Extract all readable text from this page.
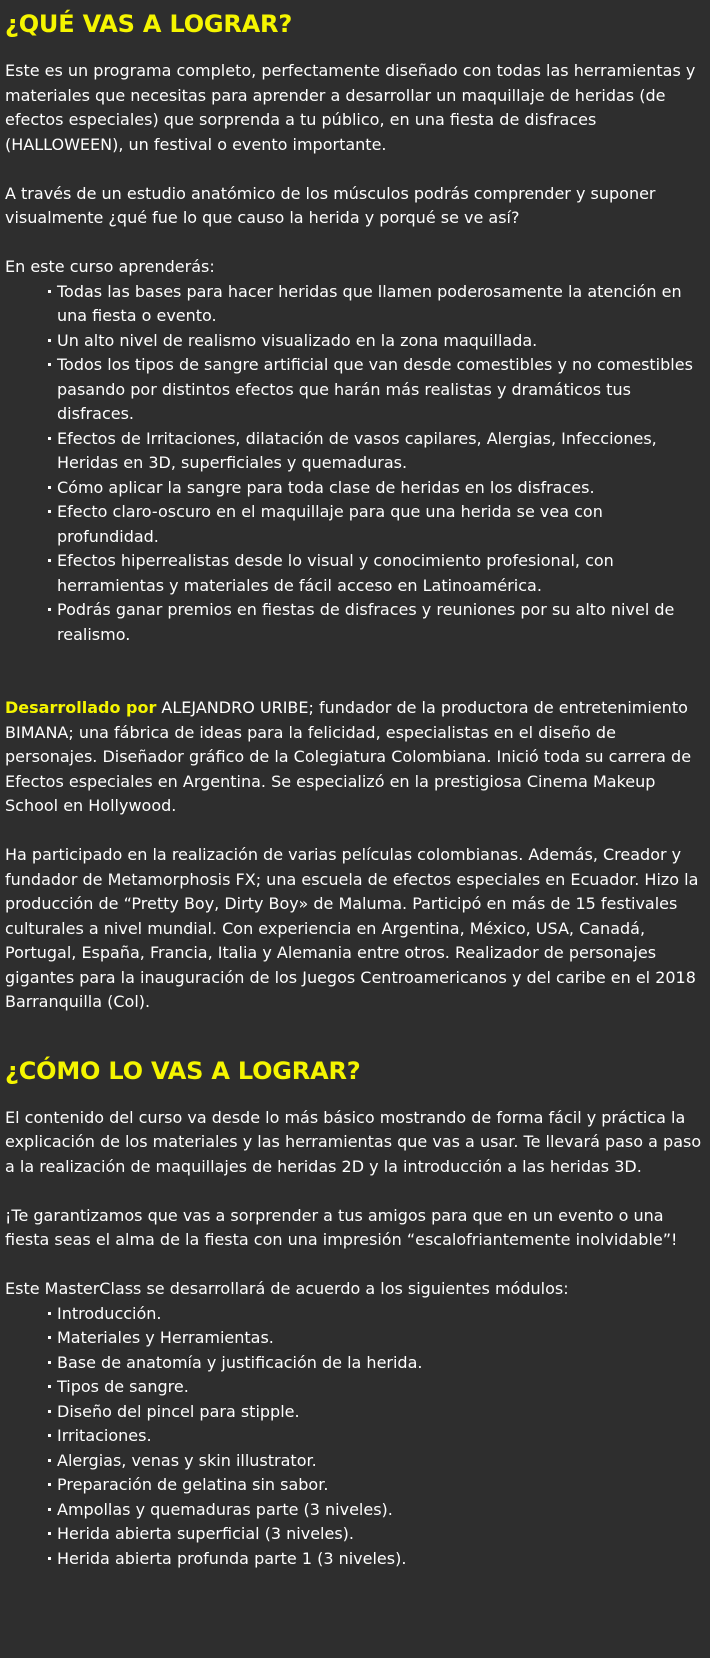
¿QUÉ VAS A LOGRAR?

Este es un programa completo, perfectamente diseñado con todas las herramientas y materiales que necesitas para aprender a desarrollar un maquillaje de heridas (de efectos especiales) que sorprenda a tu público, en una fiesta de disfraces (HALLOWEEN), un festival o evento importante.

A través de un estudio anatómico de los músculos podrás comprender y suponer visualmente ¿qué fue lo que causo la herida y porqué se ve así?

En este curso aprenderás:

Todas las bases para hacer heridas que llamen poderosamente la atención en una fiesta o evento.
Un alto nivel de realismo visualizado en la zona maquillada.
Todos los tipos de sangre artificial que van desde comestibles y no comestibles pasando por distintos efectos que harán más realistas y dramáticos tus disfraces.
Efectos de Irritaciones, dilatación de vasos capilares, Alergias, Infecciones, Heridas en 3D, superficiales y quemaduras.
Cómo aplicar la sangre para toda clase de heridas en los disfraces.
Efecto claro-oscuro en el maquillaje para que una herida se vea con profundidad.
Efectos hiperrealistas desde lo visual y conocimiento profesional, con herramientas y materiales de fácil acceso en Latinoamérica.
Podrás ganar premios en fiestas de disfraces y reuniones por su alto nivel de realismo.

Desarrollado por ALEJANDRO URIBE; fundador de la productora de entretenimiento BIMANA; una fábrica de ideas para la felicidad, especialistas en el diseño de personajes. Diseñador gráfico de la Colegiatura Colombiana. Inició toda su carrera de Efectos especiales en Argentina. Se especializó en la prestigiosa Cinema Makeup School en Hollywood.

Ha participado en la realización de varias películas colombianas. Además, Creador y fundador de Metamorphosis FX; una escuela de efectos especiales en Ecuador. Hizo la producción de “Pretty Boy, Dirty Boy» de Maluma. Participó en más de 15 festivales culturales a nivel mundial. Con experiencia en Argentina, México, USA, Canadá, Portugal, España, Francia, Italia y Alemania entre otros. Realizador de personajes gigantes para la inauguración de los Juegos Centroamericanos y del caribe en el 2018 Barranquilla (Col).

¿CÓMO LO VAS A LOGRAR?

El contenido del curso va desde lo más básico mostrando de forma fácil y práctica la explicación de los materiales y las herramientas que vas a usar. Te llevará paso a paso a la realización de maquillajes de heridas 2D y la introducción a las heridas 3D.

¡Te garantizamos que vas a sorprender a tus amigos para que en un evento o una fiesta seas el alma de la fiesta con una impresión “escalofriantemente inolvidable”!

Este MasterClass se desarrollará de acuerdo a los siguientes módulos:

Introducción.
Materiales y Herramientas.
Base de anatomía y justificación de la herida.
Tipos de sangre.
Diseño del pincel para stipple.
Irritaciones.
Alergias, venas y skin illustrator.
Preparación de gelatina sin sabor.
Ampollas y quemaduras parte (3 niveles).
Herida abierta superficial (3 niveles).
Herida abierta profunda parte 1 (3 niveles).
